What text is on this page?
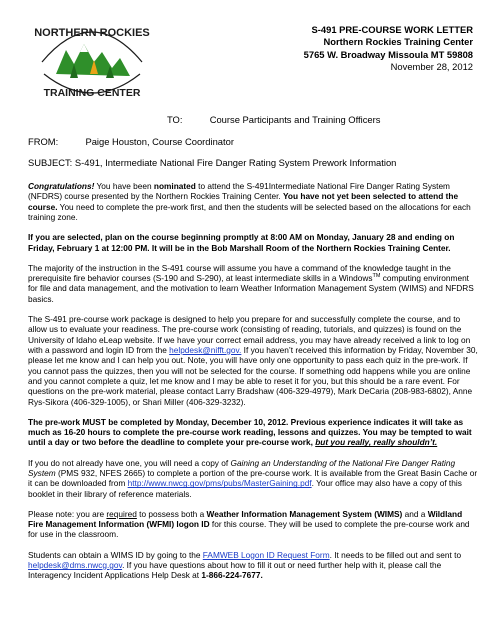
NORTHERN ROCKIES
TRAINING CENTER
S-491 PRE-COURSE WORK LETTER
Northern Rockies Training Center
5765 W. Broadway Missoula MT 59808
November 28, 2012
TO:	Course Participants and Training Officers
FROM:	Paige Houston, Course Coordinator
SUBJECT: S-491, Intermediate National Fire Danger Rating System Prework Information

Congratulations! You have been nominated to attend the S-491Intermediate National Fire Danger Rating System (NFDRS) course presented by the Northern Rockies Training Center. You have not yet been selected to attend the course. You need to complete the pre-work first, and then the students will be selected based on the allocations for each training zone.

If you are selected, plan on the course beginning promptly at 8:00 AM on Monday, January 28 and ending on Friday, February 1 at 12:00 PM. It will be in the Bob Marshall Room of the Northern Rockies Training Center.

The majority of the instruction in the S-491 course will assume you have a command of the knowledge taught in the prerequisite fire behavior courses (S-190 and S-290), at least intermediate skills in a Windows™ computing environment for file and data management, and the motivation to learn Weather Information Management System (WIMS) and NFDRS basics.

The S-491 pre-course work package is designed to help you prepare for and successfully complete the course, and to allow us to evaluate your readiness. The pre-course work (consisting of reading, tutorials, and quizzes) is found on the University of Idaho eLeap website. If we have your correct email address, you may have already received a link to log on with a password and login ID from the helpdesk@nifft.gov. If you haven’t received this information by Friday, November 30, please let me know and I can help you out. Note, you will have only one opportunity to pass each quiz in the pre-work. If you cannot pass the quizzes, then you will not be selected for the course. If something odd happens while you are online and you cannot complete a quiz, let me know and I may be able to reset it for you, but this should be a rare event. For questions on the pre-work material, please contact Larry Bradshaw (406-329-4979), Mark DeCaria (208-983-6802), Anne Rys-Sikora (406-329-1005), or Shari Miller (406-329-3232).

The pre-work MUST be completed by Monday, December 10, 2012. Previous experience indicates it will take as much as 16-20 hours to complete the pre-course work reading, lessons and quizzes. You may be tempted to wait until a day or two before the deadline to complete your pre-course work, but you really, really shouldn’t.

If you do not already have one, you will need a copy of Gaining an Understanding of the National Fire Danger Rating System (PMS 932, NFES 2665) to complete a portion of the pre-course work. It is available from the Great Basin Cache or it can be downloaded from http://www.nwcg.gov/pms/pubs/MasterGaining.pdf. Your office may also have a copy of this booklet in their library of reference materials.

Please note: you are required to possess both a Weather Information Management System (WIMS) and a Wildland Fire Management Information (WFMI) logon ID for this course. They will be used to complete the pre-course work and for use in the classroom.

Students can obtain a WIMS ID by going to the FAMWEB Logon ID Request Form. It needs to be filled out and sent to helpdesk@dms.nwcg.gov. If you have questions about how to fill it out or need further help with it, please call the Interagency Incident Applications Help Desk at 1-866-224-7677.
